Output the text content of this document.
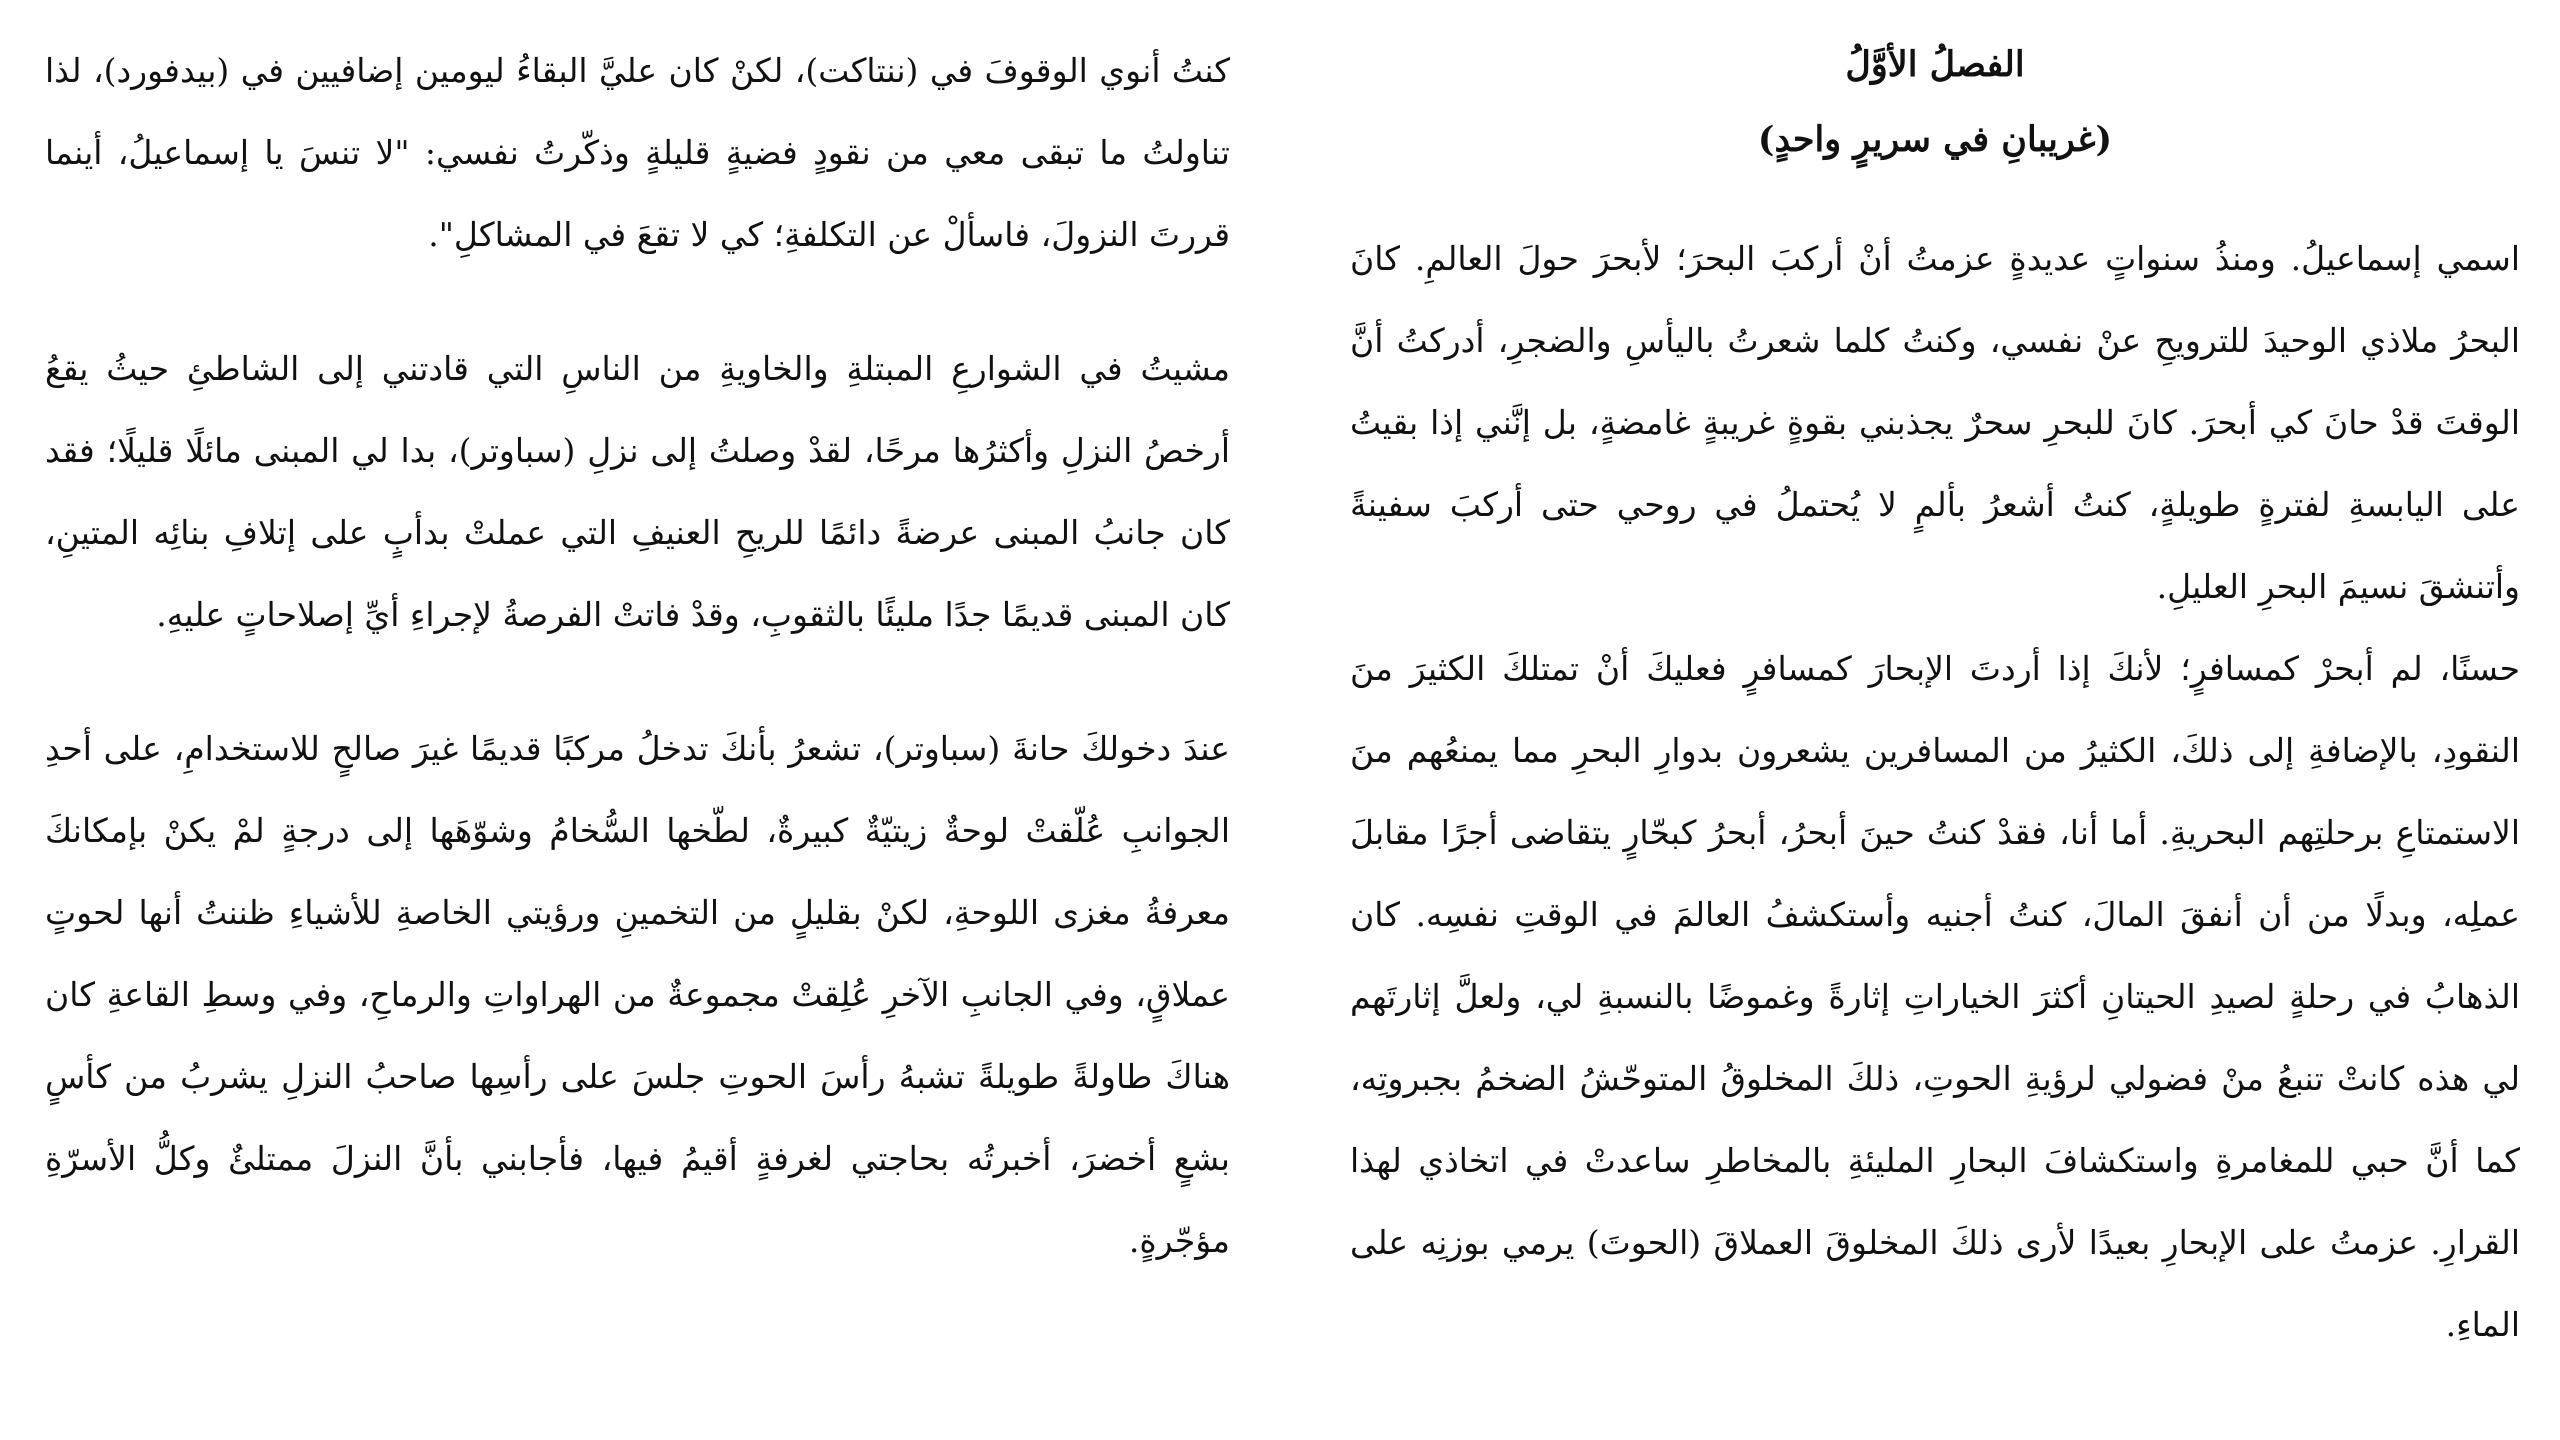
الفصلُ الأوَّلُ
(غريبانِ في سريرٍ واحدٍ)

اسمي إسماعيلُ. ومنذُ سنواتٍ عديدةٍ عزمتُ أنْ أركبَ البحرَ؛ لأبحرَ حولَ العالمِ. كانَ البحرُ ملاذي الوحيدَ للترويحِ عنْ نفسي، وكنتُ كلما شعرتُ باليأسِ والضجرِ، أدركتُ أنَّ الوقتَ قدْ حانَ كي أبحرَ. كانَ للبحرِ سحرٌ يجذبني بقوةٍ غريبةٍ غامضةٍ، بل إنَّني إذا بقيتُ على اليابسةِ لفترةٍ طويلةٍ، كنتُ أشعرُ بألمٍ لا يُحتملُ في روحي حتى أركبَ سفينةً وأتنشقَ نسيمَ البحرِ العليلِ.

حسنًا، لم أبحرْ كمسافرٍ؛ لأنكَ إذا أردتَ الإبحارَ كمسافرٍ فعليكَ أنْ تمتلكَ الكثيرَ منَ النقودِ، بالإضافةِ إلى ذلكَ، الكثيرُ من المسافرين يشعرون بدوارِ البحرِ مما يمنعُهم منَ الاستمتاعِ برحلتِهم البحريةِ. أما أنا، فقدْ كنتُ حينَ أبحرُ، أبحرُ كبحّارٍ يتقاضى أجرًا مقابلَ عملِه، وبدلًا من أن أنفقَ المالَ، كنتُ أجنيه وأستكشفُ العالمَ في الوقتِ نفسِه. كان الذهابُ في رحلةٍ لصيدِ الحيتانِ أكثرَ الخياراتِ إثارةً وغموضًا بالنسبةِ لي، ولعلَّ إثارتَهم لي هذه كانتْ تنبعُ منْ فضولي لرؤيةِ الحوتِ، ذلكَ المخلوقُ المتوحّشُ الضخمُ بجبروتِه، كما أنَّ حبي للمغامرةِ واستكشافَ البحارِ المليئةِ بالمخاطرِ ساعدتْ في اتخاذي لهذا القرارِ. عزمتُ على الإبحارِ بعيدًا لأرى ذلكَ المخلوقَ العملاقَ (الحوتَ) يرمي بوزنِه على الماءِ.

كنتُ أنوي الوقوفَ في (ننتاكت)، لكنْ كان عليَّ البقاءُ ليومين إضافيين في (بيدفورد)، لذا تناولتُ ما تبقى معي من نقودٍ فضيةٍ قليلةٍ وذكّرتُ نفسي: "لا تنسَ يا إسماعيلُ، أينما قررتَ النزولَ، فاسألْ عن التكلفةِ؛ كي لا تقعَ في المشاكلِ".

مشيتُ في الشوارعِ المبتلةِ والخاويةِ من الناسِ التي قادتني إلى الشاطئِ حيثُ يقعُ أرخصُ النزلِ وأكثرُها مرحًا، لقدْ وصلتُ إلى نزلِ (سباوتر)، بدا لي المبنى مائلًا قليلًا؛ فقد كان جانبُ المبنى عرضةً دائمًا للريحِ العنيفِ التي عملتْ بدأبٍ على إتلافِ بنائِه المتينِ، كان المبنى قديمًا جدًا مليئًا بالثقوبِ، وقدْ فاتتْ الفرصةُ لإجراءِ أيِّ إصلاحاتٍ عليهِ.

عندَ دخولكَ حانةَ (سباوتر)، تشعرُ بأنكَ تدخلُ مركبًا قديمًا غيرَ صالحٍ للاستخدامِ، على أحدِ الجوانبِ عُلّقتْ لوحةٌ زيتيّةٌ كبيرةٌ، لطّخها السُّخامُ وشوّهَها إلى درجةٍ لمْ يكنْ بإمكانكَ معرفةُ مغزى اللوحةِ، لكنْ بقليلٍ من التخمينِ ورؤيتي الخاصةِ للأشياءِ ظننتُ أنها لحوتٍ عملاقٍ، وفي الجانبِ الآخرِ عُلِقتْ مجموعةٌ من الهراواتِ والرماحِ، وفي وسطِ القاعةِ كان هناكَ طاولةً طويلةً تشبهُ رأسَ الحوتِ جلسَ على رأسِها صاحبُ النزلِ يشربُ من كأسٍ بشعٍ أخضرَ، أخبرتُه بحاجتي لغرفةٍ أقيمُ فيها، فأجابني بأنَّ النزلَ ممتلئٌ وكلُّ الأسرّةِ مؤجّرةٍ.
